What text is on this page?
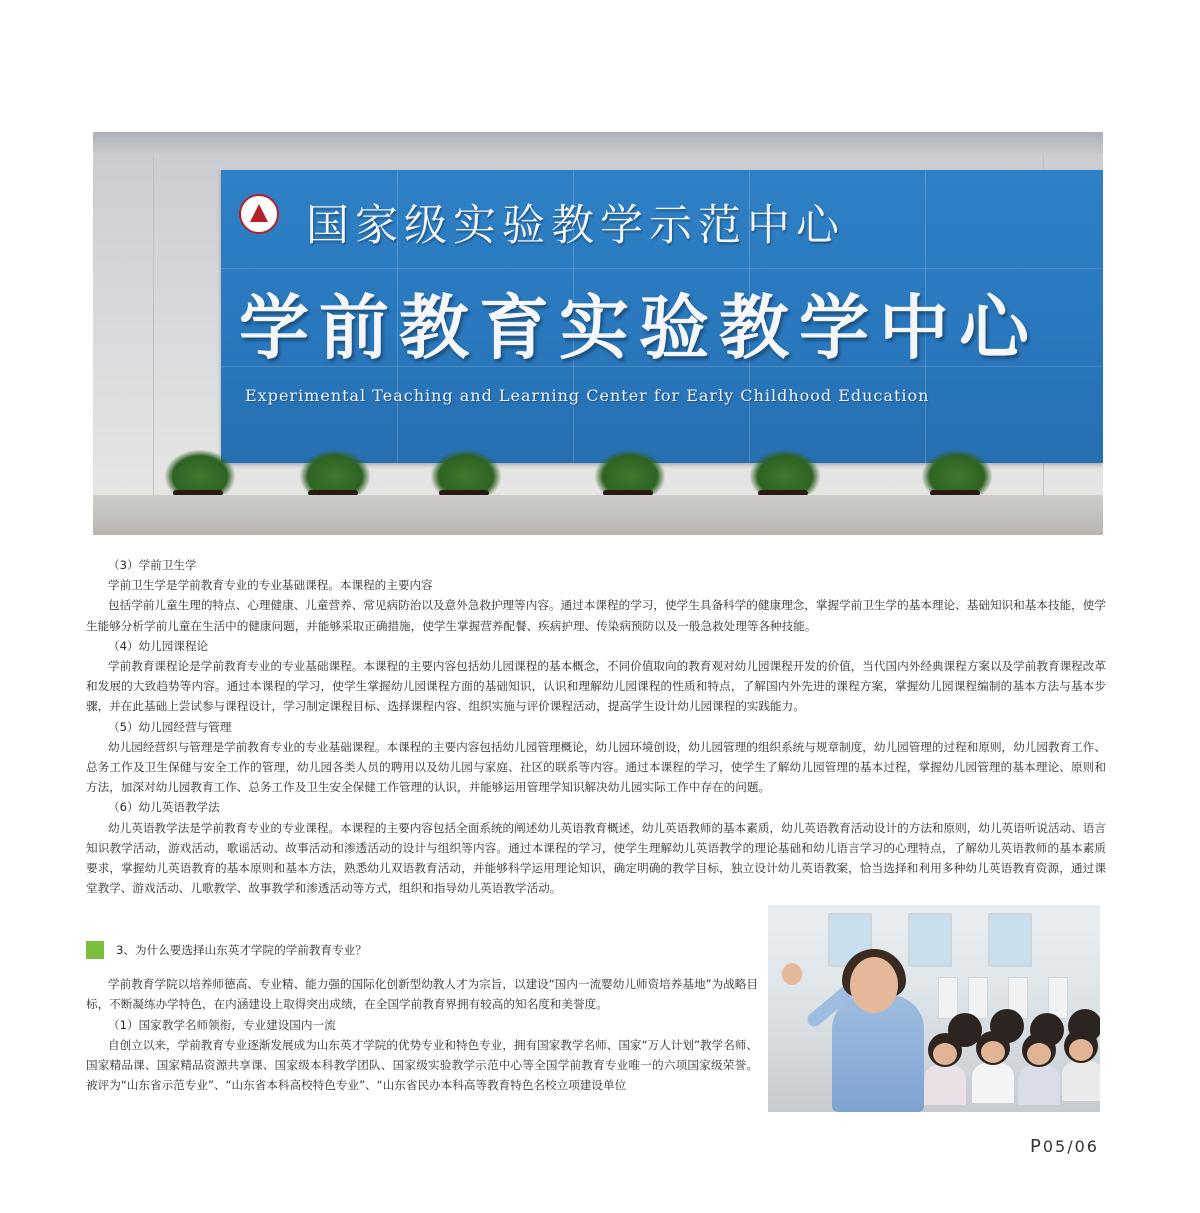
国家级实验教学示范中心
学前教育实验教学中心
Experimental Teaching and Learning Center for Early Childhood Education
（3）学前卫生学

学前卫生学是学前教育专业的专业基础课程。本课程的主要内容

包括学前儿童生理的特点、心理健康、儿童营养、常见病防治以及意外急救护理等内容。通过本课程的学习，使学生具备科学的健康理念，掌握学前卫生学的基本理论、基础知识和基本技能，使学生能够分析学前儿童在生活中的健康问题，并能够采取正确措施，使学生掌握营养配餐、疾病护理、传染病预防以及一般急救处理等各种技能。

（4）幼儿园课程论

学前教育课程论是学前教育专业的专业基础课程。本课程的主要内容包括幼儿园课程的基本概念，不同价值取向的教育观对幼儿园课程开发的价值，当代国内外经典课程方案以及学前教育课程改革和发展的大致趋势等内容。通过本课程的学习，使学生掌握幼儿园课程方面的基础知识，认识和理解幼儿园课程的性质和特点，了解国内外先进的课程方案，掌握幼儿园课程编制的基本方法与基本步骤，并在此基础上尝试参与课程设计，学习制定课程目标、选择课程内容、组织实施与评价课程活动，提高学生设计幼儿园课程的实践能力。

（5）幼儿园经营与管理

幼儿园经营织与管理是学前教育专业的专业基础课程。本课程的主要内容包括幼儿园管理概论，幼儿园环境创设，幼儿园管理的组织系统与规章制度，幼儿园管理的过程和原则，幼儿园教育工作、总务工作及卫生保健与安全工作的管理，幼儿园各类人员的聘用以及幼儿园与家庭、社区的联系等内容。通过本课程的学习，使学生了解幼儿园管理的基本过程，掌握幼儿园管理的基本理论、原则和方法，加深对幼儿园教育工作、总务工作及卫生安全保健工作管理的认识，并能够运用管理学知识解决幼儿园实际工作中存在的问题。

（6）幼儿英语教学法

幼儿英语教学法是学前教育专业的专业课程。本课程的主要内容包括全面系统的阐述幼儿英语教育概述，幼儿英语教师的基本素质，幼儿英语教育活动设计的方法和原则，幼儿英语听说活动、语言知识教学活动，游戏活动，歌谣活动、故事活动和渗透活动的设计与组织等内容。通过本课程的学习，使学生理解幼儿英语教学的理论基础和幼儿语言学习的心理特点，了解幼儿英语教师的基本素质要求，掌握幼儿英语教育的基本原则和基本方法，熟悉幼儿双语教育活动，并能够科学运用理论知识，确定明确的教学目标，独立设计幼儿英语教案，恰当选择和利用多种幼儿英语教育资源，通过课堂教学、游戏活动、儿歌教学、故事教学和渗透活动等方式，组织和指导幼儿英语教学活动。

3、为什么要选择山东英才学院的学前教育专业？

学前教育学院以培养师德高、专业精、能力强的国际化创新型幼教人才为宗旨，以建设“国内一流婴幼儿师资培养基地”为战略目标，不断凝练办学特色，在内涵建设上取得突出成绩，在全国学前教育界拥有较高的知名度和美誉度。

（1）国家教学名师领衔，专业建设国内一流

自创立以来，学前教育专业逐渐发展成为山东英才学院的优势专业和特色专业，拥有国家教学名师、国家“万人计划”教学名师、国家精品课、国家精品资源共享课、国家级本科教学团队、国家级实验教学示范中心等全国学前教育专业唯一的六项国家级荣誉。被评为“山东省示范专业”、“山东省本科高校特色专业”、“山东省民办本科高等教育特色名校立项建设单位

P05/06
